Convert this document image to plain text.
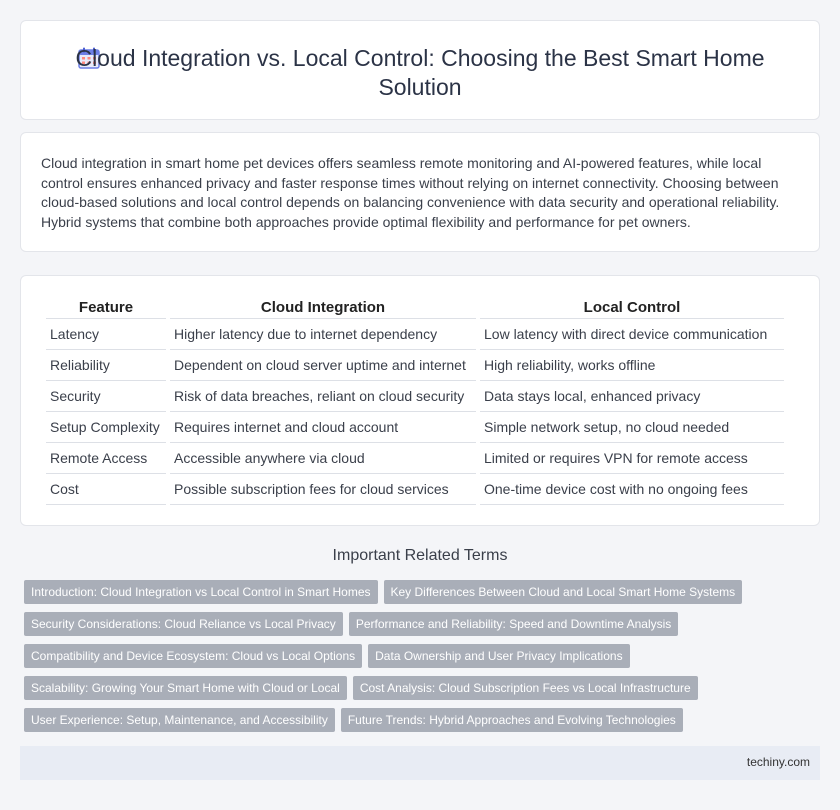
Cloud Integration vs. Local Control: Choosing the Best Smart Home Solution

Cloud integration in smart home pet devices offers seamless remote monitoring and AI-powered features, while local control ensures enhanced privacy and faster response times without relying on internet connectivity. Choosing between cloud-based solutions and local control depends on balancing convenience with data security and operational reliability. Hybrid systems that combine both approaches provide optimal flexibility and performance for pet owners.

Feature	Cloud Integration	Local Control
Latency	Higher latency due to internet dependency	Low latency with direct device communication
Reliability	Dependent on cloud server uptime and internet	High reliability, works offline
Security	Risk of data breaches, reliant on cloud security	Data stays local, enhanced privacy
Setup Complexity	Requires internet and cloud account	Simple network setup, no cloud needed
Remote Access	Accessible anywhere via cloud	Limited or requires VPN for remote access
Cost	Possible subscription fees for cloud services	One-time device cost with no ongoing fees
Important Related Terms
Introduction: Cloud Integration vs Local Control in Smart Homes Key Differences Between Cloud and Local Smart Home Systems
Security Considerations: Cloud Reliance vs Local Privacy Performance and Reliability: Speed and Downtime Analysis
Compatibility and Device Ecosystem: Cloud vs Local Options Data Ownership and User Privacy Implications
Scalability: Growing Your Smart Home with Cloud or Local Cost Analysis: Cloud Subscription Fees vs Local Infrastructure
User Experience: Setup, Maintenance, and Accessibility Future Trends: Hybrid Approaches and Evolving Technologies
techiny.com
